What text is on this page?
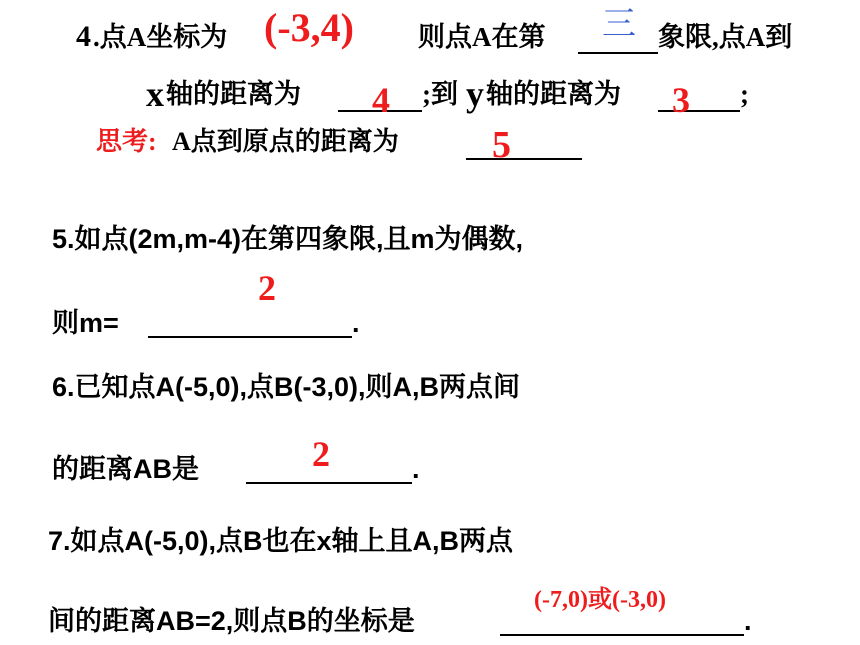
4 .点A坐标为 (-3,4) 则点A在第 三 象限,点A到
x 轴的距离为 4 ;到 y 轴的距离为 3 ;
思考: A点到原点的距离为 5
5.如点(2m,m-4)在第四象限,且m为偶数,
2
则m=	.
6.已知点A(-5,0),点B(-3,0),则A,B两点间
2
的距离AB是	.
7.如点A(-5,0),点B也在x轴上且A,B两点
(-7,0)或(-3,0)
间的距离AB=2,则点B的坐标是	.
